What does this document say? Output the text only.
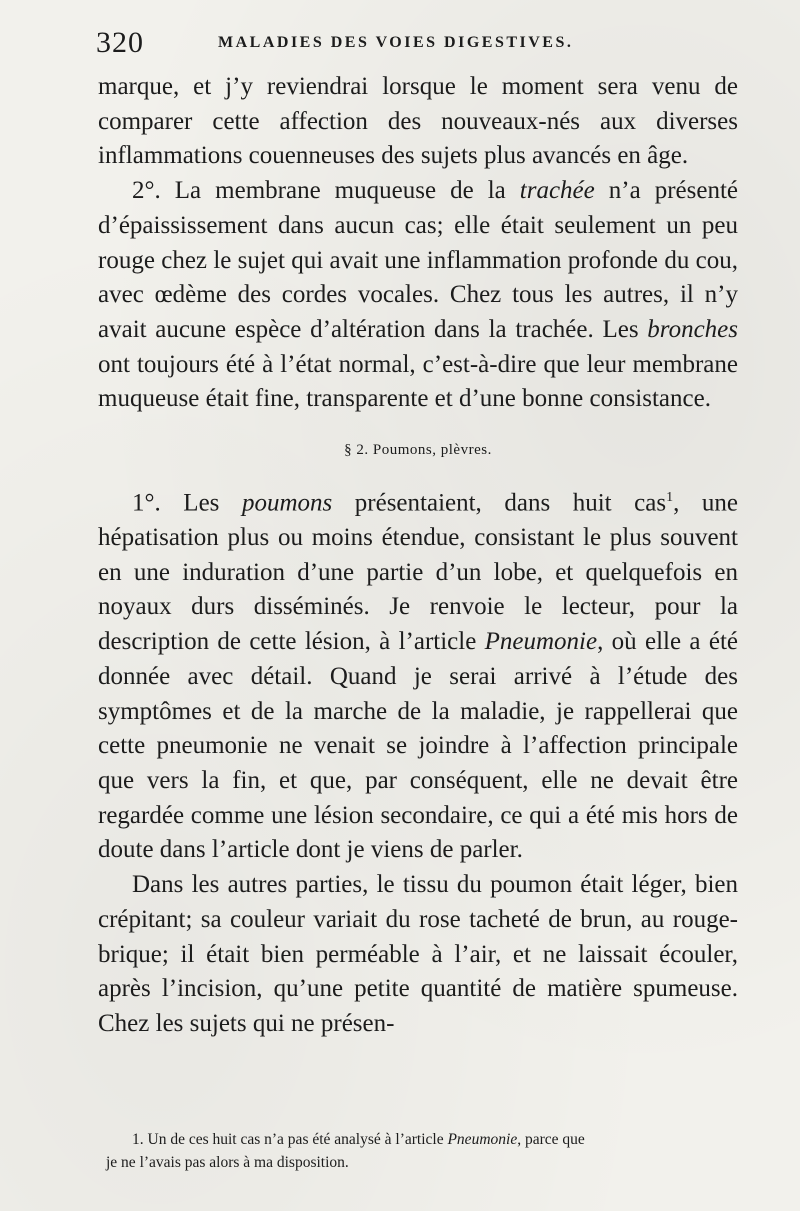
320	MALADIES DES VOIES DIGESTIVES.

marque, et j’y reviendrai lorsque le moment sera venu de comparer cette affection des nouveaux-nés aux diverses inflammations couenneuses des sujets plus avancés en âge.

2°. La membrane muqueuse de la trachée n’a présenté d’épaississement dans aucun cas; elle était seulement un peu rouge chez le sujet qui avait une inflammation profonde du cou, avec œdème des cordes vocales. Chez tous les autres, il n’y avait aucune espèce d’altération dans la trachée. Les bronches ont toujours été à l’état normal, c’est-à-dire que leur membrane muqueuse était fine, transparente et d’une bonne consistance.

§ 2. Poumons, plèvres.

1°. Les poumons présentaient, dans huit cas$^1$, une hépatisation plus ou moins étendue, consistant le plus souvent en une induration d’une partie d’un lobe, et quelquefois en noyaux durs disséminés. Je renvoie le lecteur, pour la description de cette lésion, à l’article Pneumonie, où elle a été donnée avec détail. Quand je serai arrivé à l’étude des symptômes et de la marche de la maladie, je rappellerai que cette pneumonie ne venait se joindre à l’affection principale que vers la fin, et que, par conséquent, elle ne devait être regardée comme une lésion secondaire, ce qui a été mis hors de doute dans l’article dont je viens de parler.

Dans les autres parties, le tissu du poumon était léger, bien crépitant; sa couleur variait du rose tacheté de brun, au rouge-brique; il était bien perméable à l’air, et ne laissait écouler, après l’incision, qu’une petite quantité de matière spumeuse. Chez les sujets qui ne présen-

1. Un de ces huit cas n’a pas été analysé à l’article Pneumonie, parce que
je ne l’avais pas alors à ma disposition.
